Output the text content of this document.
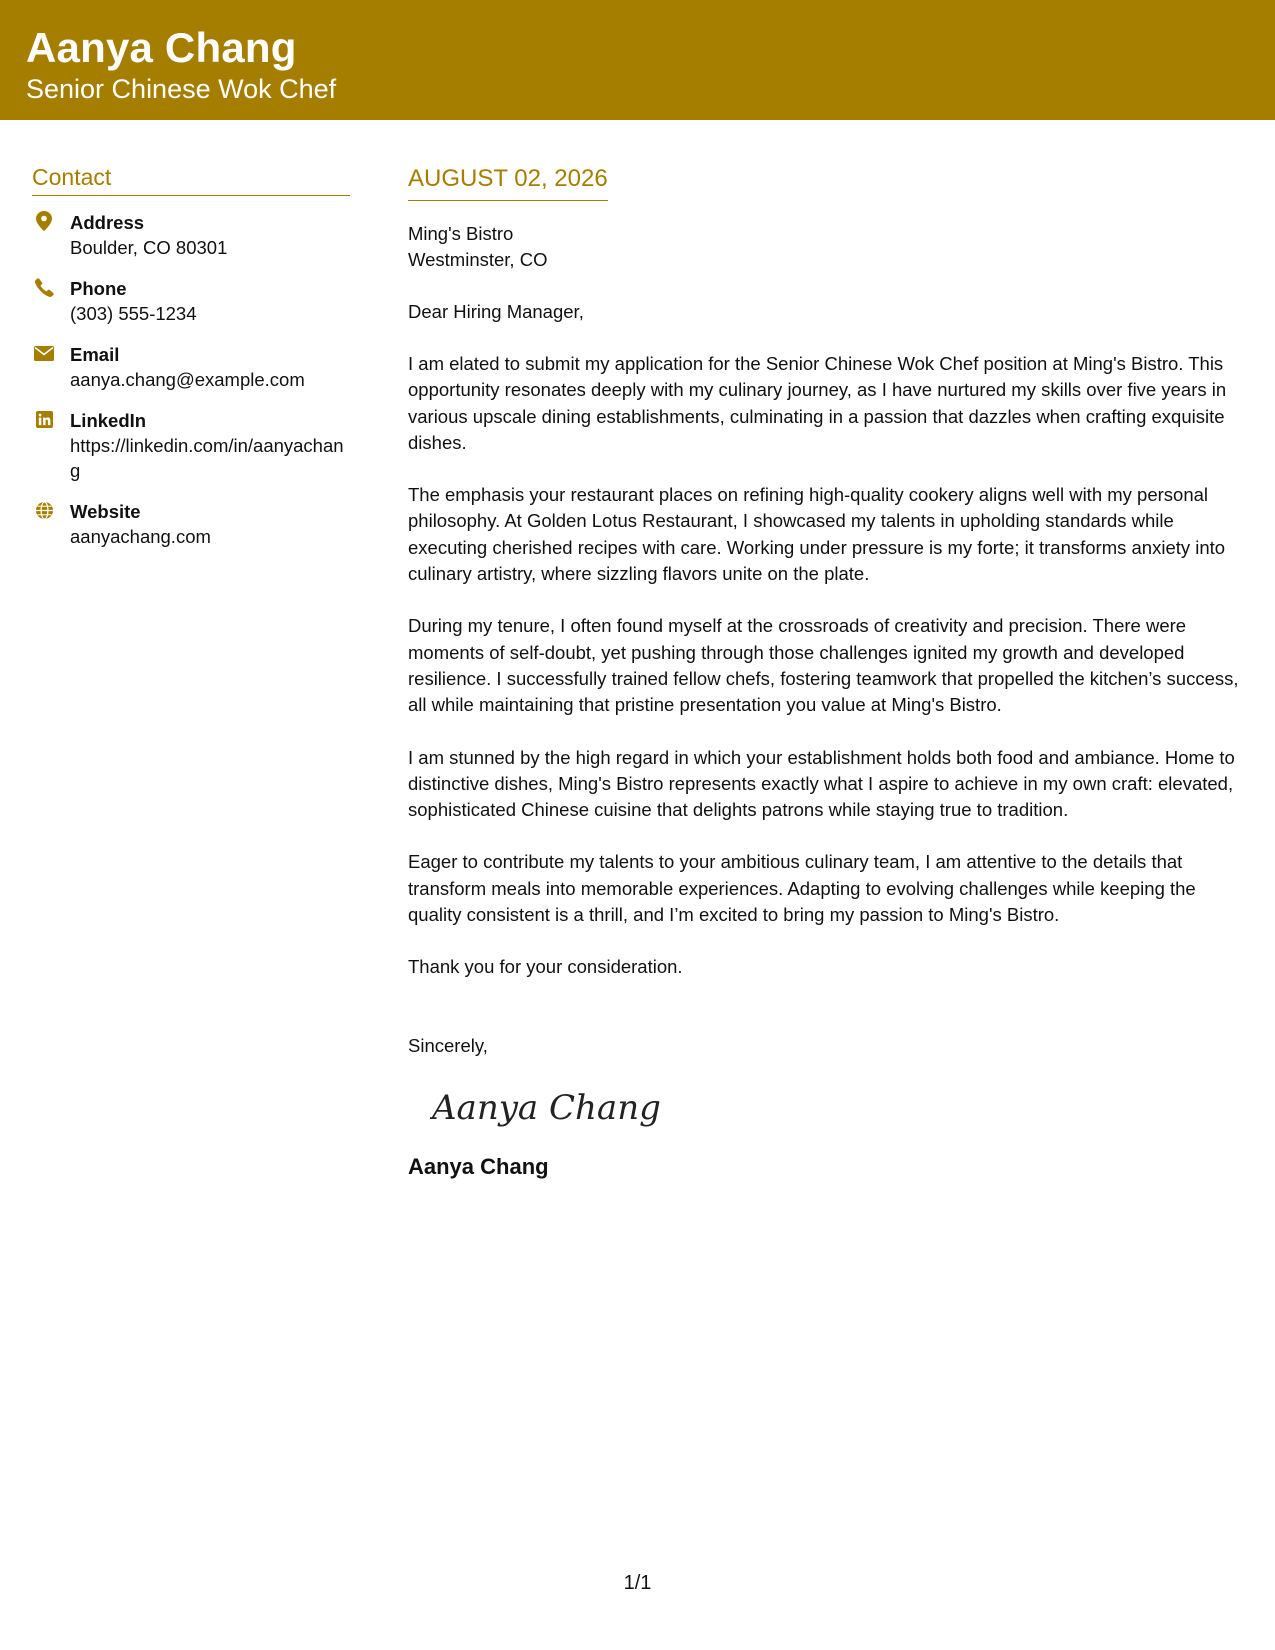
Aanya Chang
Senior Chinese Wok Chef
Contact
Address
Boulder, CO 80301
Phone
(303) 555-1234
Email
aanya.chang@example.com
LinkedIn
https://linkedin.com/in/aanyachang
Website
aanyachang.com
AUGUST 02, 2026
Ming's Bistro
Westminster, CO
Dear Hiring Manager,

I am elated to submit my application for the Senior Chinese Wok Chef position at Ming's Bistro. This opportunity resonates deeply with my culinary journey, as I have nurtured my skills over five years in various upscale dining establishments, culminating in a passion that dazzles when crafting exquisite dishes.

The emphasis your restaurant places on refining high-quality cookery aligns well with my personal philosophy. At Golden Lotus Restaurant, I showcased my talents in upholding standards while executing cherished recipes with care. Working under pressure is my forte; it transforms anxiety into culinary artistry, where sizzling flavors unite on the plate.

During my tenure, I often found myself at the crossroads of creativity and precision. There were moments of self-doubt, yet pushing through those challenges ignited my growth and developed resilience. I successfully trained fellow chefs, fostering teamwork that propelled the kitchen’s success, all while maintaining that pristine presentation you value at Ming's Bistro.

I am stunned by the high regard in which your establishment holds both food and ambiance. Home to distinctive dishes, Ming's Bistro represents exactly what I aspire to achieve in my own craft: elevated, sophisticated Chinese cuisine that delights patrons while staying true to tradition.

Eager to contribute my talents to your ambitious culinary team, I am attentive to the details that transform meals into memorable experiences. Adapting to evolving challenges while keeping the quality consistent is a thrill, and I’m excited to bring my passion to Ming's Bistro.

Thank you for your consideration.

Sincerely,
Aanya Chang
Aanya Chang
1/1
